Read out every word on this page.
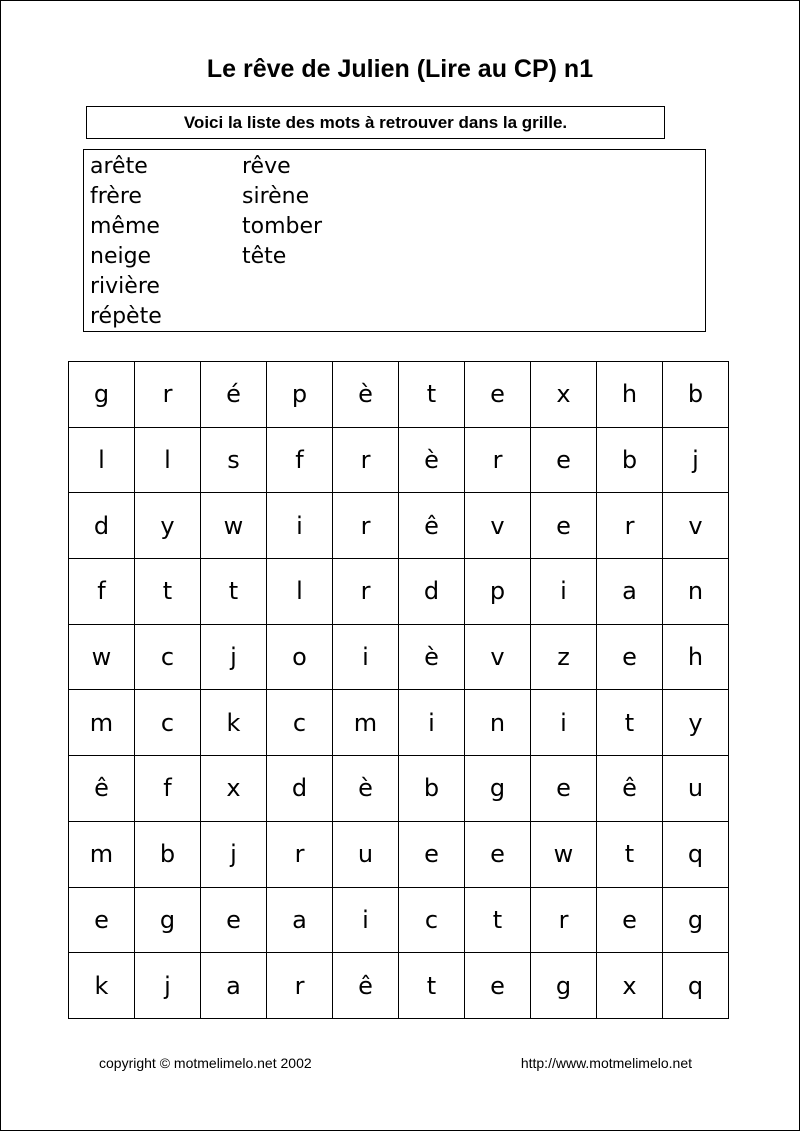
Le rêve de Julien (Lire au CP) n1
Voici la liste des mots à retrouver dans la grille.
arête
frère
même
neige
rivière
répète
rêve
sirène
tomber
tête
g	r	é	p	è	t	e	x	h	b
l	l	s	f	r	è	r	e	b	j
d	y	w	i	r	ê	v	e	r	v
f	t	t	l	r	d	p	i	a	n
w	c	j	o	i	è	v	z	e	h
m	c	k	c	m	i	n	i	t	y
ê	f	x	d	è	b	g	e	ê	u
m	b	j	r	u	e	e	w	t	q
e	g	e	a	i	c	t	r	e	g
k	j	a	r	ê	t	e	g	x	q
copyright © motmelimelo.net 2002	http://www.motmelimelo.net
